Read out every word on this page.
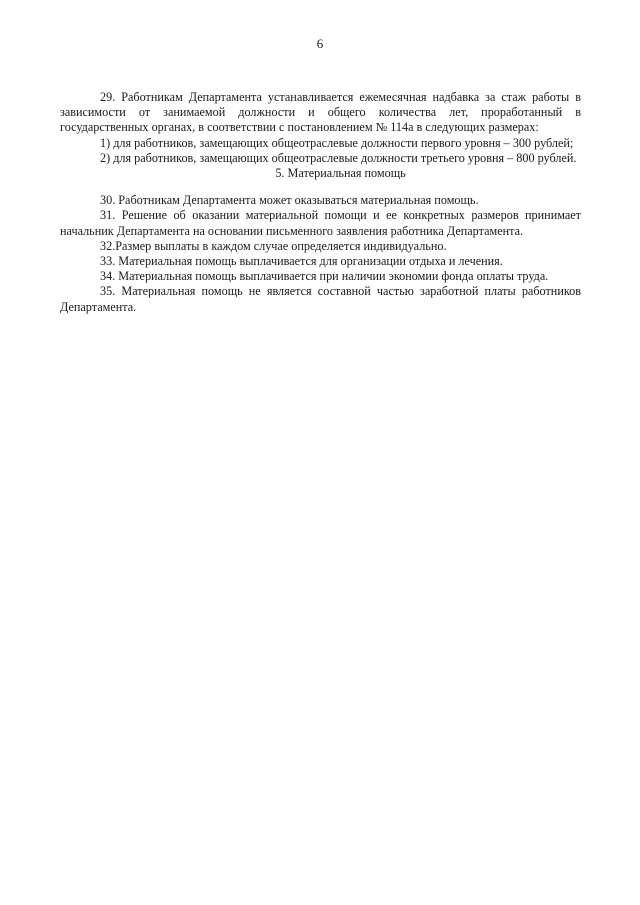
6

29. Работникам Департамента устанавливается ежемесячная надбавка за стаж работы в зависимости от занимаемой должности и общего количества лет, проработанный в государственных органах, в соответствии с постановлением № 114а в следующих размерах:

1) для работников, замещающих общеотраслевые должности первого уровня – 300 рублей;

2) для работников, замещающих общеотраслевые должности третьего уровня – 800 рублей.

5. Материальная помощь

30. Работникам Департамента может оказываться материальная помощь.

31. Решение об оказании материальной помощи и ее конкретных размеров принимает начальник Департамента на основании письменного заявления работника Департамента.

32.Размер выплаты в каждом случае определяется индивидуально.

33. Материальная помощь выплачивается для организации отдыха и лечения.

34. Материальная помощь выплачивается при наличии экономии фонда оплаты труда.

35. Материальная помощь не является составной частью заработной платы работников Департамента.
